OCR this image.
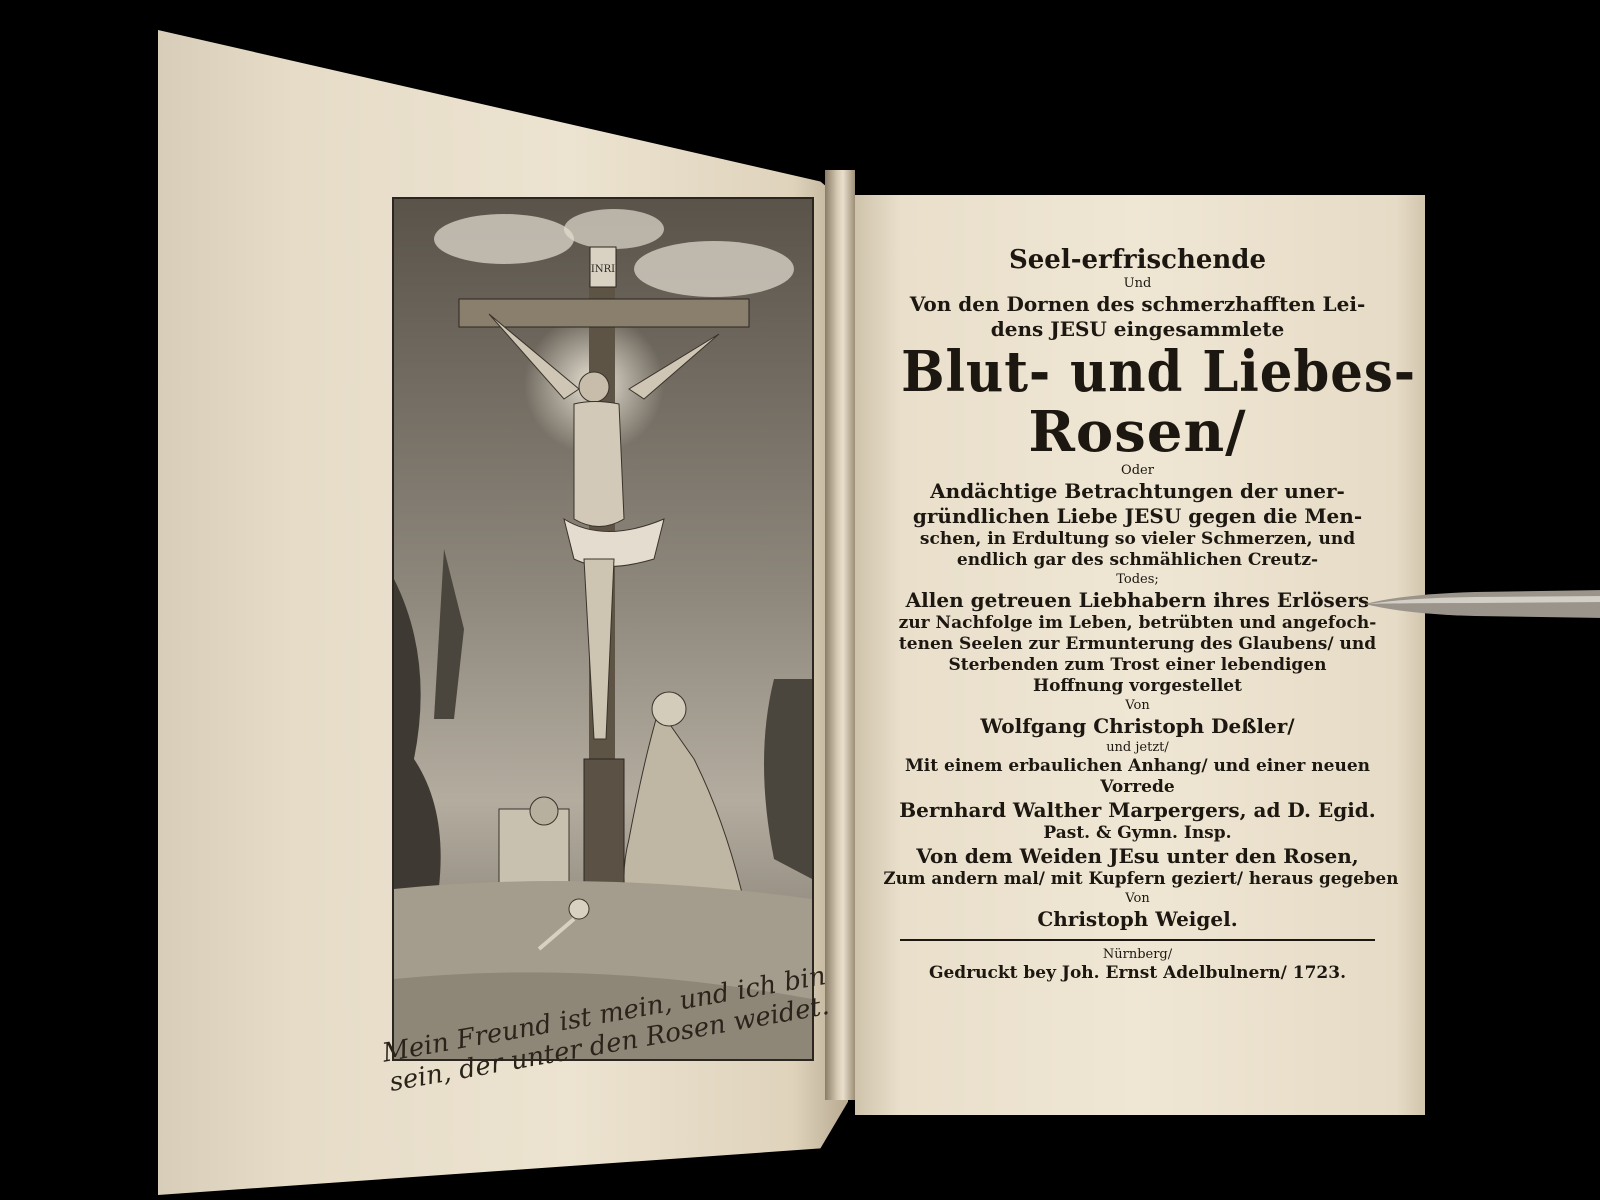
INRI
Mein Freund ist mein, und ich bin sein, der unter den Rosen weidet.
Seel-erfrischende
Und
Von den Dornen des schmerzhafften Lei-
dens JESU eingesammlete
Blut- und Liebes-
Rosen/
Oder
Andächtige Betrachtungen der uner-
gründlichen Liebe JESU gegen die Men-
schen, in Erdultung so vieler Schmerzen, und
endlich gar des schmählichen Creutz-
Todes;
Allen getreuen Liebhabern ihres Erlösers
zur Nachfolge im Leben, betrübten und angefoch-
tenen Seelen zur Ermunterung des Glaubens/ und
Sterbenden zum Trost einer lebendigen
Hoffnung vorgestellet
Von
Wolfgang Christoph Deßler/
und jetzt/
Mit einem erbaulichen Anhang/ und einer neuen
Vorrede
Bernhard Walther Marpergers, ad D. Egid.
Past. & Gymn. Insp.
Von dem Weiden JEsu unter den Rosen,
Zum andern mal/ mit Kupfern geziert/ heraus gegeben
Von
Christoph Weigel.
Nürnberg/
Gedruckt bey Joh. Ernst Adelbulnern/ 1723.
